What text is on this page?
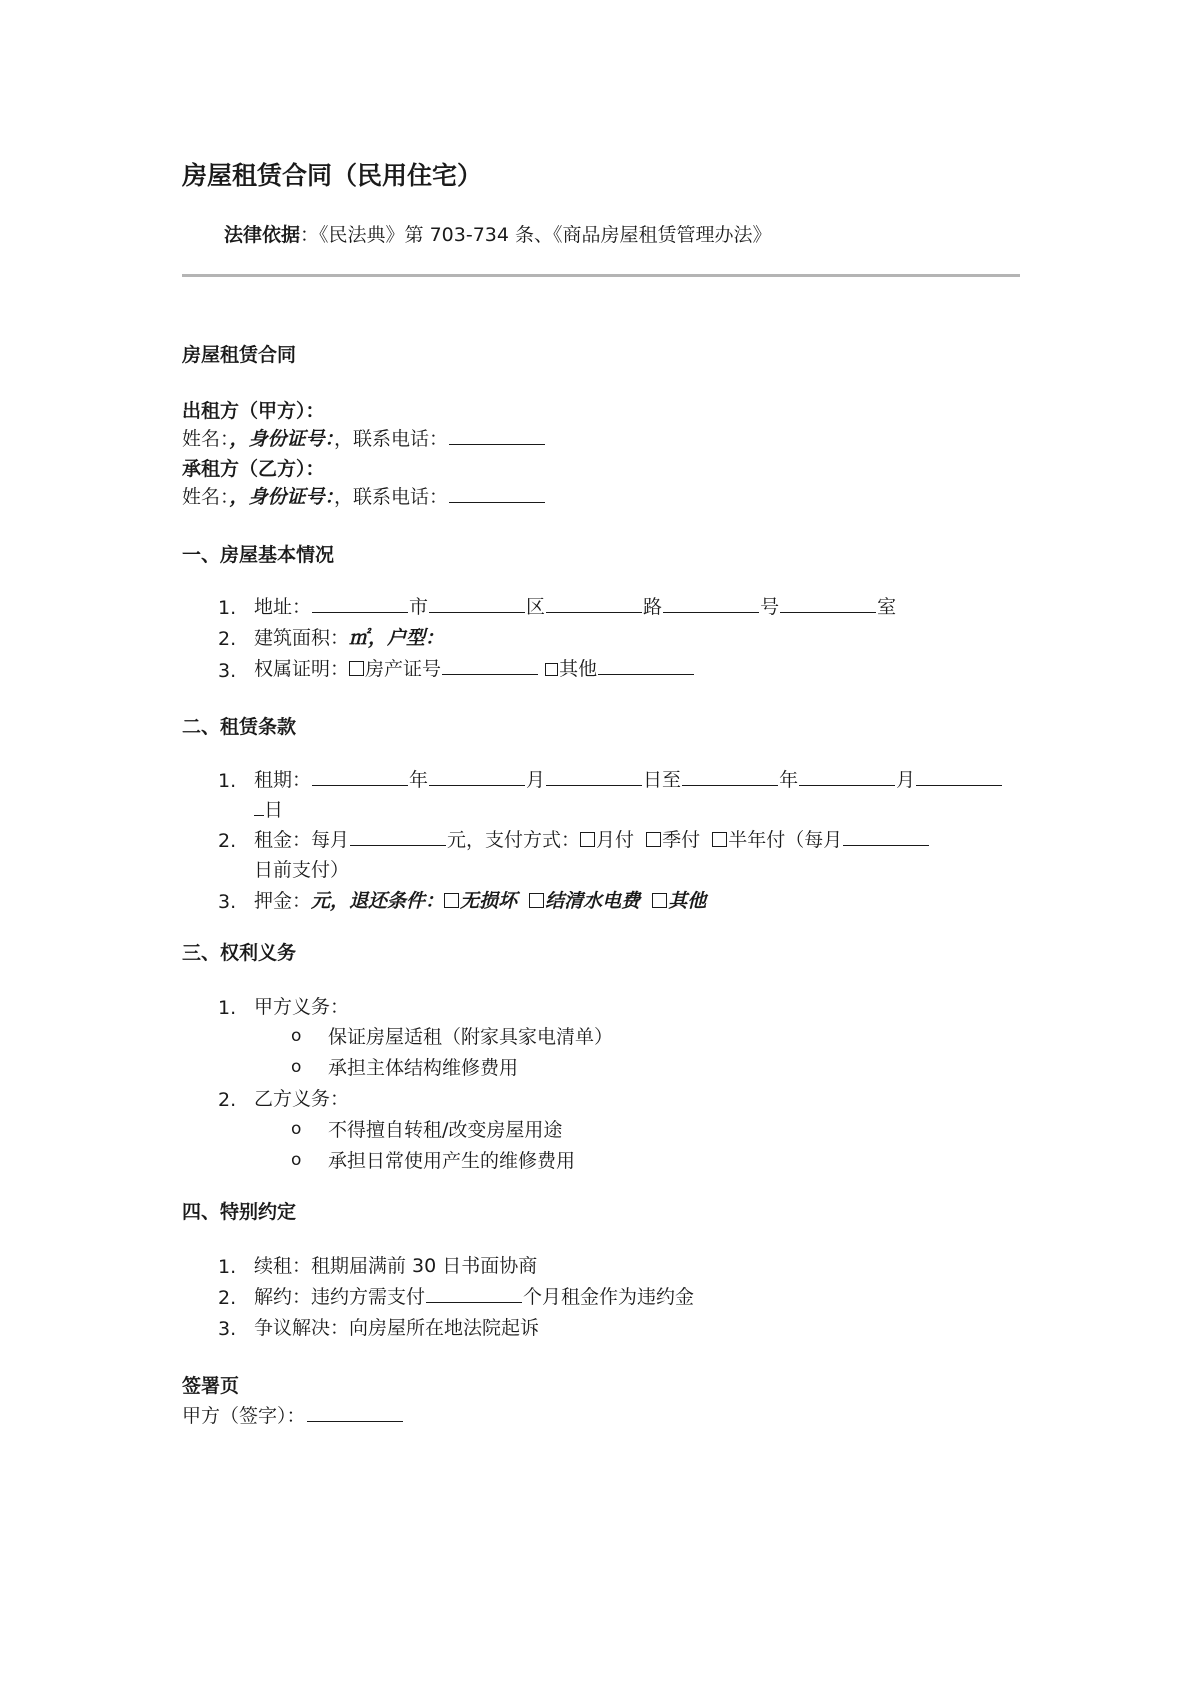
房屋租赁合同（民用住宅）
法律依据：《民法典》第 703-734 条、《商品房屋租赁管理办法》
房屋租赁合同
出租方（甲方）：
姓名：，身份证号：，联系电话：
承租方（乙方）：
姓名：，身份证号：，联系电话：
一、房屋基本情况
1. 地址：	市	区	路	号	室
2. 建筑面积：㎡，户型：
3. 权属证明： 房产证号	其他
二、租赁条款
1. 租期：	年	月	日至	年	月
日
2. 租金：每月	元，支付方式： 月付 季付 半年付（每月
日前支付）
3. 押金：元，退还条件： 无损坏 结清水电费 其他
三、权利义务
1. 甲方义务：
o 保证房屋适租（附家具家电清单）
o 承担主体结构维修费用
2. 乙方义务：
o 不得擅自转租/改变房屋用途
o 承担日常使用产生的维修费用
四、特别约定
1. 续租：租期届满前 30 日书面协商
2. 解约：违约方需支付	个月租金作为违约金
3. 争议解决：向房屋所在地法院起诉
签署页
甲方（签字）：
